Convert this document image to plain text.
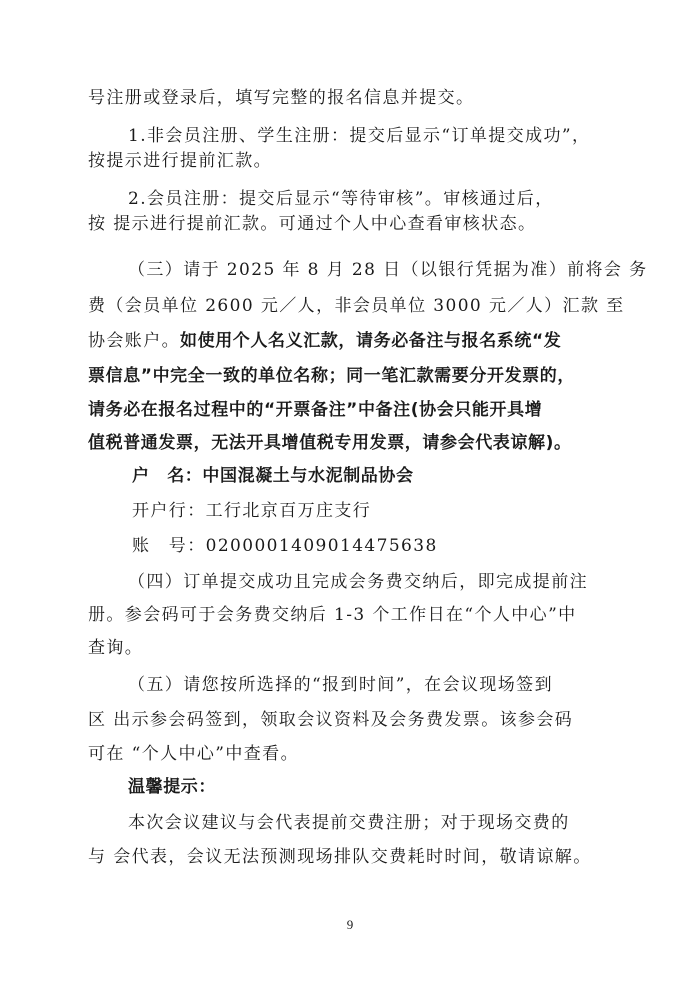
号注册或登录后，填写完整的报名信息并提交。
1.非会员注册、学生注册：提交后显示“订单提交成功”，
按提示进行提前汇款。
2.会员注册：提交后显示“等待审核”。审核通过后，
按 提示进行提前汇款。可通过个人中心查看审核状态。
（三）请于 2025 年 8 月 28 日（以银行凭据为准）前将会 务
费（会员单位 2600 元／人，非会员单位 3000 元／人）汇款 至
协会账户。如使用个人名义汇款，请务必备注与报名系统“发
票信息”中完全一致的单位名称；同一笔汇款需要分开发票的，
请务必在报名过程中的“开票备注”中备注(协会只能开具增
值税普通发票，无法开具增值税专用发票，请参会代表谅解)。
户　名：中国混凝土与水泥制品协会
开户行：工行北京百万庄支行
账　号：0200001409014475638
（四）订单提交成功且完成会务费交纳后，即完成提前注
册。参会码可于会务费交纳后 1-3 个工作日在“个人中心”中
查询。
（五）请您按所选择的“报到时间”，在会议现场签到
区 出示参会码签到，领取会议资料及会务费发票。该参会码
可在 “个人中心”中查看。
温馨提示：
本次会议建议与会代表提前交费注册；对于现场交费的
与 会代表，会议无法预测现场排队交费耗时时间，敬请谅解。
9
